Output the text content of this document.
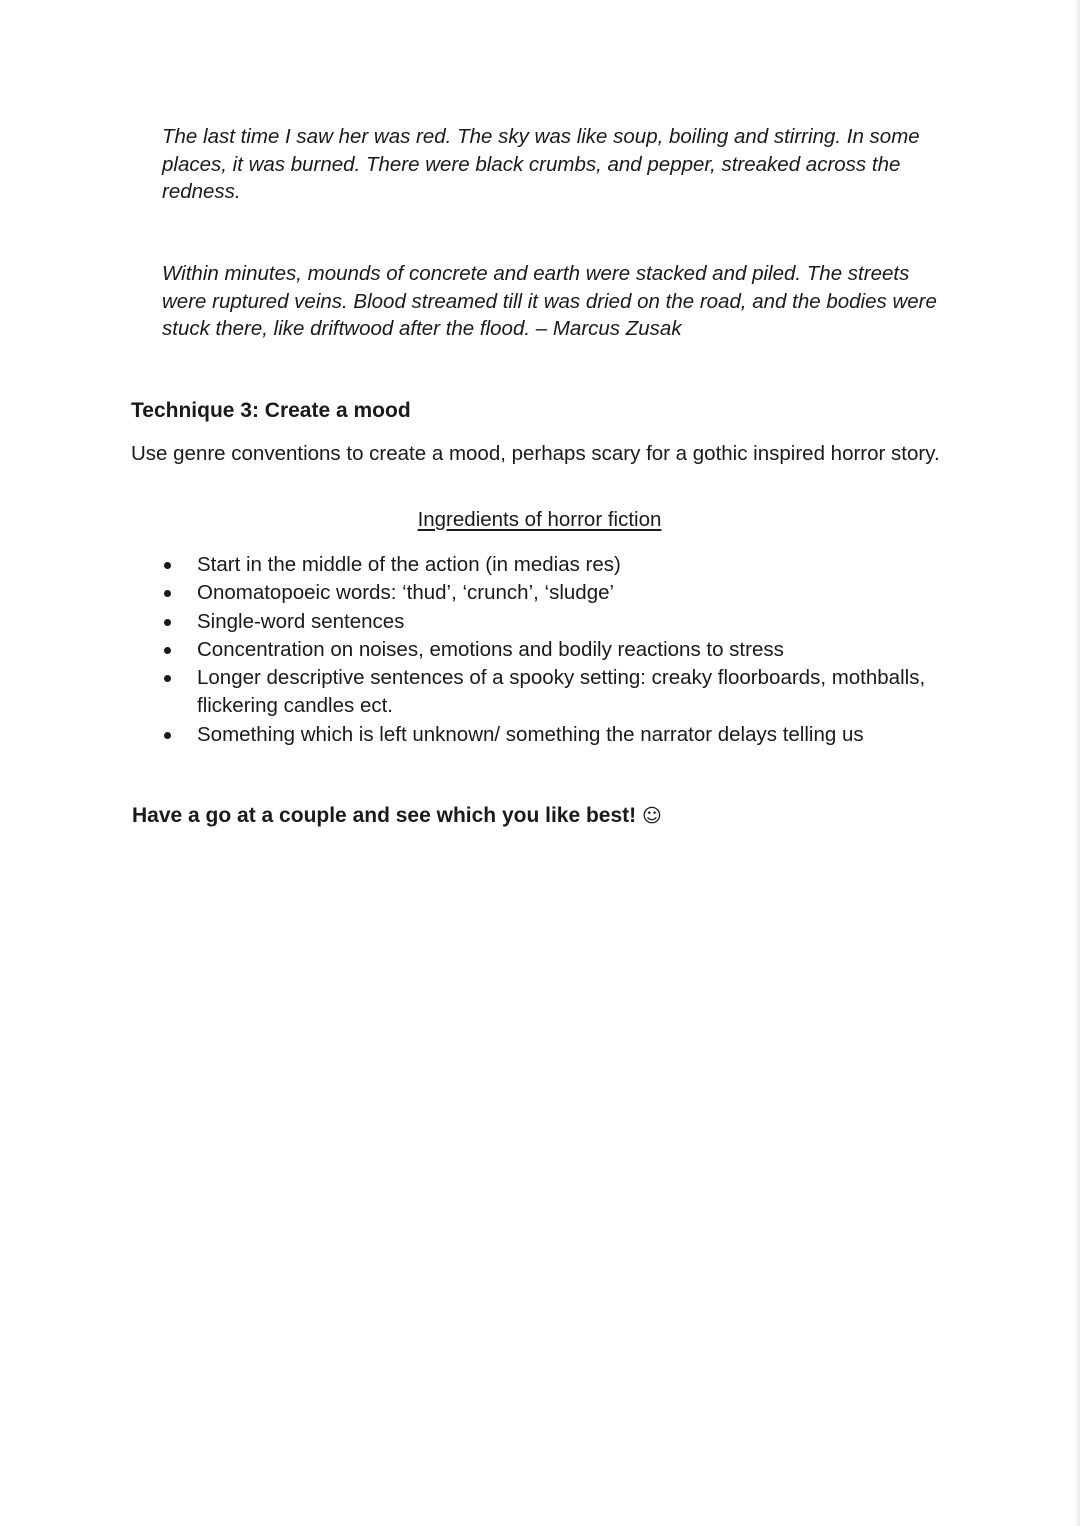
The last time I saw her was red. The sky was like soup, boiling and stirring. In some places, it was burned. There were black crumbs, and pepper, streaked across the redness.

Within minutes, mounds of concrete and earth were stacked and piled. The streets were ruptured veins. Blood streamed till it was dried on the road, and the bodies were stuck there, like driftwood after the flood. – Marcus Zusak

Technique 3: Create a mood

Use genre conventions to create a mood, perhaps scary for a gothic inspired horror story.

Ingredients of horror fiction

Start in the middle of the action (in medias res)
Onomatopoeic words: ‘thud’, ‘crunch’, ‘sludge’
Single-word sentences
Concentration on noises, emotions and bodily reactions to stress
Longer descriptive sentences of a spooky setting: creaky floorboards, mothballs, flickering candles ect.
Something which is left unknown/ something the narrator delays telling us

Have a go at a couple and see which you like best! ☺
